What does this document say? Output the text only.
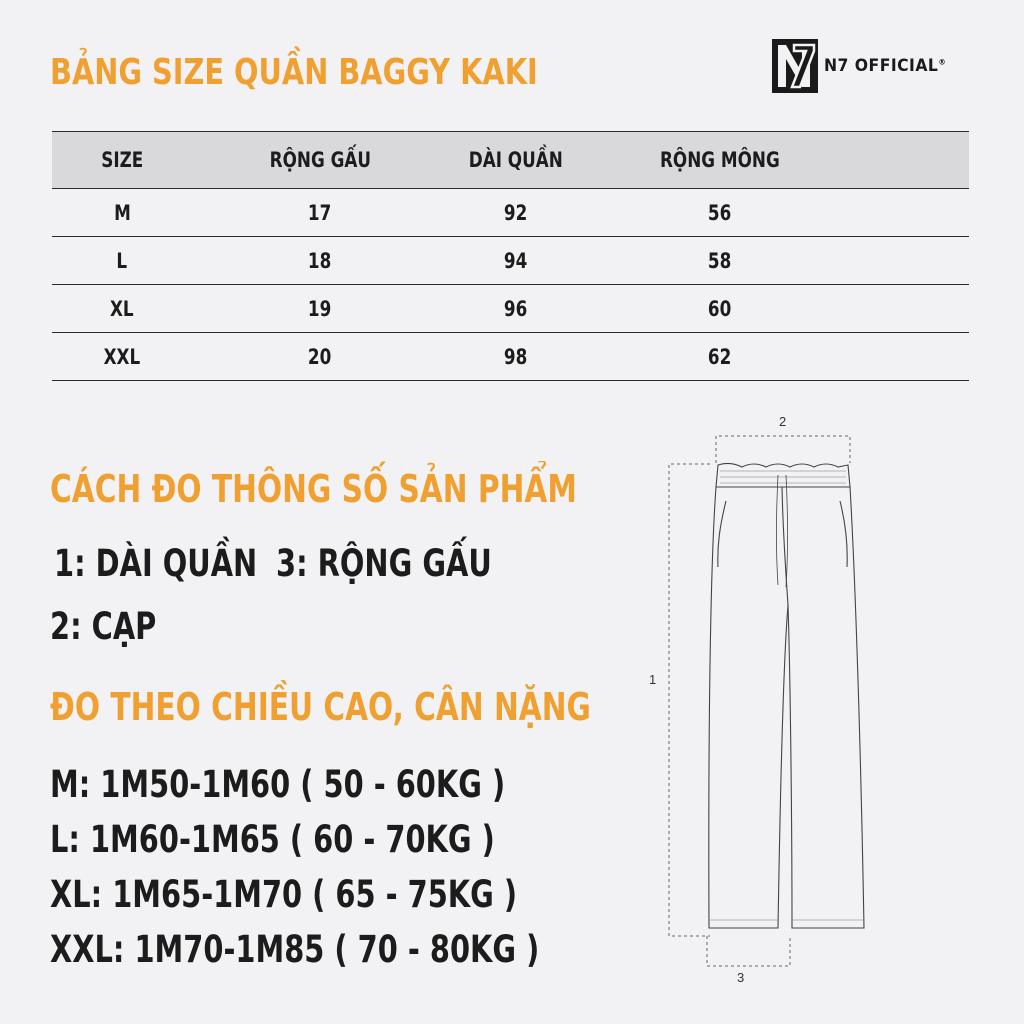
BẢNG SIZE QUẦN BAGGY KAKI	N7 OFFICIAL®
SIZE	RỘNG GẤU	DÀI QUẦN	RỘNG MÔNG
M	17	92	56
L	18	94	58
XL	19	96	60
XXL	20	98	62
CÁCH ĐO THÔNG SỐ SẢN PHẨM
1: DÀI QUẦN 3: RỘNG GẤU
2: CẠP
ĐO THEO CHIỀU CAO, CÂN NẶNG
M: 1M50-1M60 ( 50 - 60KG )
L: 1M60-1M65 ( 60 - 70KG )
XL: 1M65-1M70 ( 65 - 75KG )
XXL: 1M70-1M85 ( 70 - 80KG )
2
1
3
